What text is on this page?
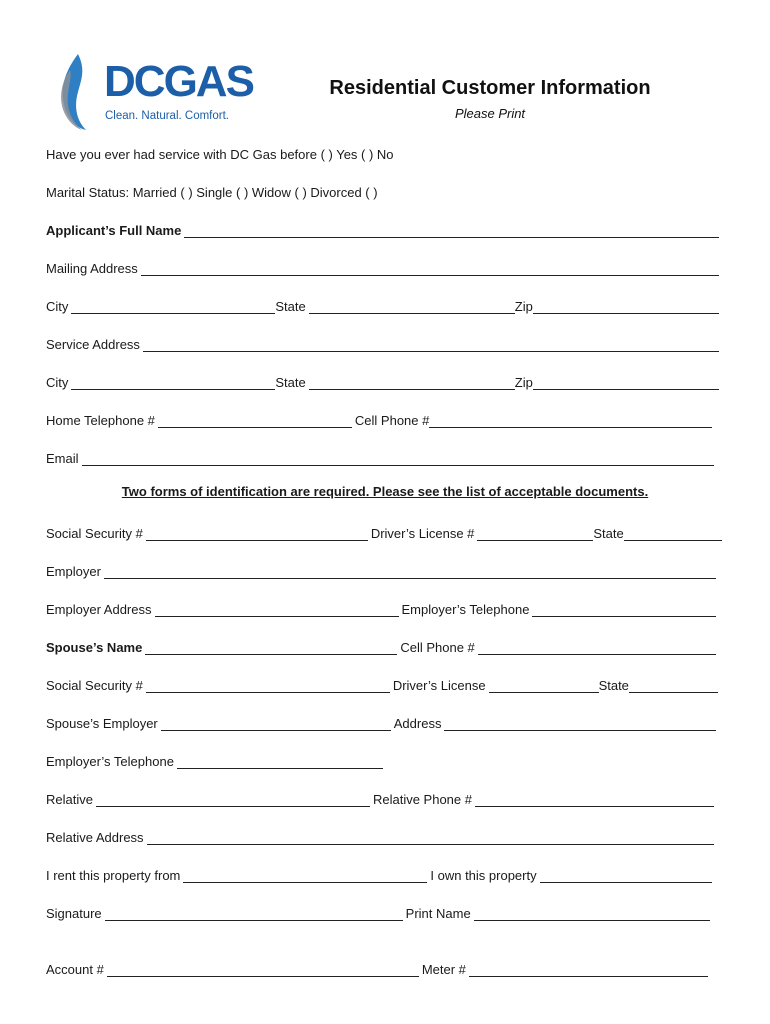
DCGAS
Clean. Natural. Comfort.
Residential Customer Information
Please Print
Have you ever had service with DC Gas before ( ) Yes ( ) No
Marital Status: Married ( ) Single ( ) Widow ( ) Divorced ( )
Applicant’s Full Name
Mailing Address
City	State	Zip
Service Address
City	State	Zip
Home Telephone #	Cell Phone #
Email
Two forms of identification are required. Please see the list of acceptable documents.
Social Security #	Driver’s License #	State
Employer
Employer Address	Employer’s Telephone
Spouse’s Name	Cell Phone #
Social Security #	Driver’s License	State
Spouse’s Employer	Address
Employer’s Telephone
Relative	Relative Phone #
Relative Address
I rent this property from	I own this property
Signature	Print Name
Account #	Meter #
